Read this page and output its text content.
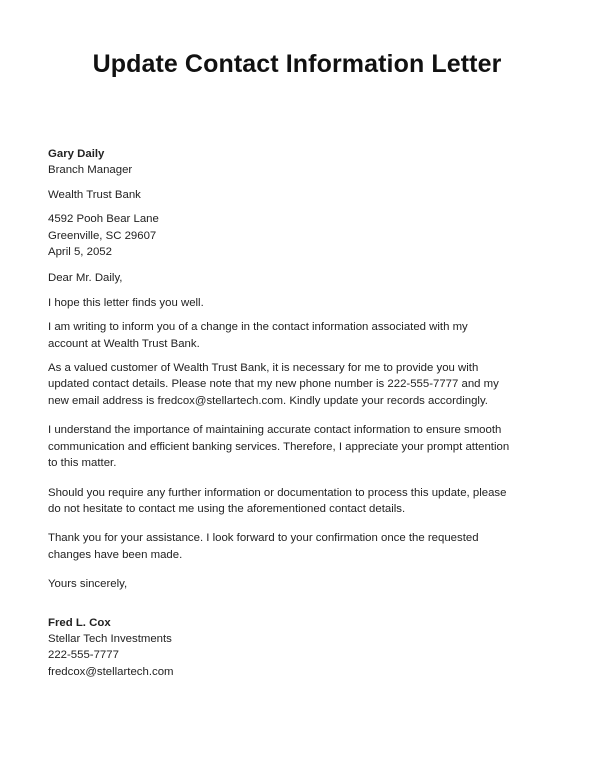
Update Contact Information Letter
Gary Daily
Branch Manager
Wealth Trust Bank
4592 Pooh Bear Lane
Greenville, SC 29607
April 5, 2052
Dear Mr. Daily,
I hope this letter finds you well.
I am writing to inform you of a change in the contact information associated with my
account at Wealth Trust Bank.
As a valued customer of Wealth Trust Bank, it is necessary for me to provide you with
updated contact details. Please note that my new phone number is 222-555-7777 and my
new email address is fredcox@stellartech.com. Kindly update your records accordingly.
I understand the importance of maintaining accurate contact information to ensure smooth
communication and efficient banking services. Therefore, I appreciate your prompt attention
to this matter.
Should you require any further information or documentation to process this update, please
do not hesitate to contact me using the aforementioned contact details.
Thank you for your assistance. I look forward to your confirmation once the requested
changes have been made.
Yours sincerely,
Fred L. Cox
Stellar Tech Investments
222-555-7777
fredcox@stellartech.com
